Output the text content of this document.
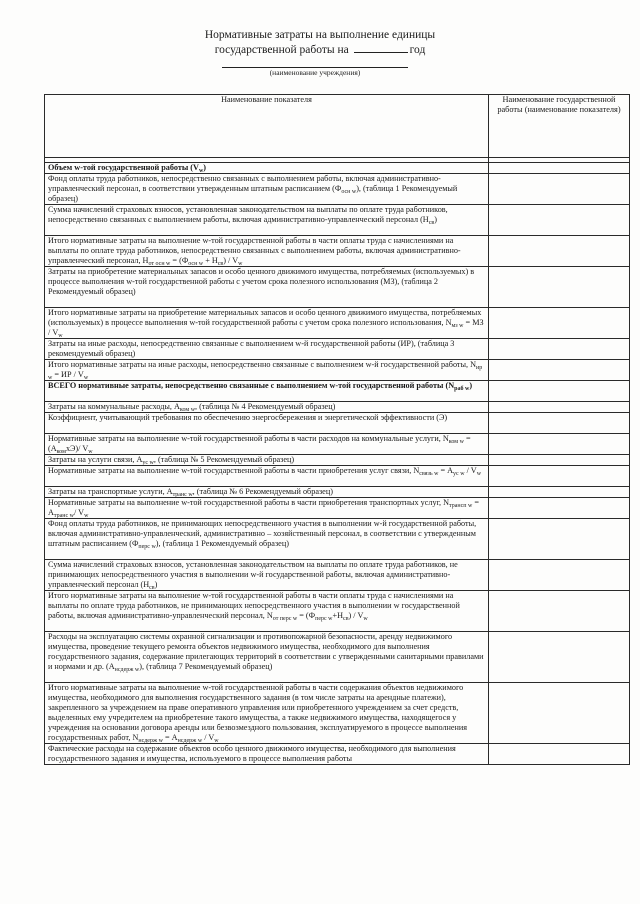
Нормативные затраты на выполнение единицы
государственной работы на	год
(наименование учреждения)
Наименование показателя	Наименование государственной работы (наименование показателя)

Объем w-той государственной работы $(V_w)$	
Фонд оплаты труда работников, непосредственно связанных с выполнением работы, включая административно-управленческий персонал, в соответствии утвержденным штатным расписанием $(Ф_{осн w})$, (таблица 1 Рекомендуемый образец)	
Сумма начислений страховых взносов, установленная законодательством на выплаты по оплате труда работников, непосредственно связанных с выполнением работы, включая административно-управленческий персонал $(Н_{св})$	
Итого нормативные затраты на выполнение w-той государственной работы в части оплаты труда с начислениями на выплаты по оплате труда работников, непосредственно связанных с выполнением работы, включая административно-управленческий персонал, $Н_{от осн w} = (Ф_{осн w} + Н_{св}) / V_w$	
Затраты на приобретение материальных запасов и особо ценного движимого имущества, потребляемых (используемых) в процессе выполнения w-той государственной работы с учетом срока полезного использования (МЗ), (таблица 2 Рекомендуемый образец)	
Итого нормативные затраты на приобретение материальных запасов и особо ценного движимого имущества, потребляемых (используемых) в процессе выполнения w-той государственной работы с учетом срока полезного использования, $N_{мз w}$ = МЗ / $V_w$	
Затраты на иные расходы, непосредственно связанные с выполнением w-й государственной работы (ИР), (таблица 3 рекомендуемый образец)	
Итого нормативные затраты на иные расходы, непосредственно связанные с выполнением w-й государственной работы, $N_{ир w}$ = ИР / $V_w$	
ВСЕГО нормативные затраты, непосредственно связанные с выполнением w-той государственной работы $(N_{раб w})$	
Затраты на коммунальные расходы, $А_{ком w}$, (таблица № 4 Рекомендуемый образец)	
Коэффициент, учитывающий требования по обеспечению энергосбережения и энергетической эффективности (Э)	
Нормативные затраты на выполнение w-той государственной работы в части расходов на коммунальные услуги, $N_{ком w} = (А_{ком}хЭ)/$ $V_w$	
Затраты на услуги связи, $А_{ус w}$, (таблица № 5 Рекомендуемый образец)	
Нормативные затраты на выполнение w-той государственной работы в части приобретения услуг связи, $N_{связь w} = А_{ус w} / V_w$	
Затраты на транспортные услуги, $А_{транс w}$, (таблица № 6 Рекомендуемый образец)	
Нормативные затраты на выполнение w-той государственной работы в части приобретения транспортных услуг, $N_{трансп w} = А_{транс w}/$ $V_w$	
Фонд оплаты труда работников, не принимающих непосредственного участия в выполнении w-й государственной работы, включая административно-управленческий, административно – хозяйственный персонал, в соответствии с утвержденным штатным расписанием $(Ф_{перс w})$, (таблица 1 Рекомендуемый образец)	
Сумма начислений страховых взносов, установленная законодательством на выплаты по оплате труда работников, не принимающих непосредственного участия в выполнении w-й государственной работы, включая административно-управленческий персонал $(Н_{св})$	
Итого нормативные затраты на выполнение w-той государственной работы в части оплаты труда с начислениями на выплаты по оплате труда работников, не принимающих непосредственного участия в выполнении w государственной работы, включая административно-управленческий персонал, $N_{от перс w} = (Ф_{перс w}+Н_{св}) / V_w$	
Расходы на эксплуатацию системы охранной сигнализации и противопожарной безопасности, аренду недвижимого имущества, проведение текущего ремонта объектов недвижимого имущества, необходимого для выполнения государственного задания, содержание прилегающих территорий в соответствии с утвержденными санитарными правилами и нормами и др. $(А_{нсдерж w})$, (таблица 7 Рекомендуемый образец)	
Итого нормативные затраты на выполнение w-той государственной работы в части содержания объектов недвижимого имущества, необходимого для выполнения государственного задания (в том числе затраты на арендные платежи), закрепленного за учреждением на праве оперативного управления или приобретенного учреждением за счет средств, выделенных ему учредителем на приобретение такого имущества, а также недвижимого имущества, находящегося у учреждения на основании договора аренды или безвозмездного пользования, эксплуатируемого в процессе выполнения государственных работ, $N_{нсдерж w} = А_{нсдерж w} / V_w$	
Фактические расходы на содержание объектов особо ценного движимого имущества, необходимого для выполнения государственного задания и имущества, используемого в процессе выполнения работы	
